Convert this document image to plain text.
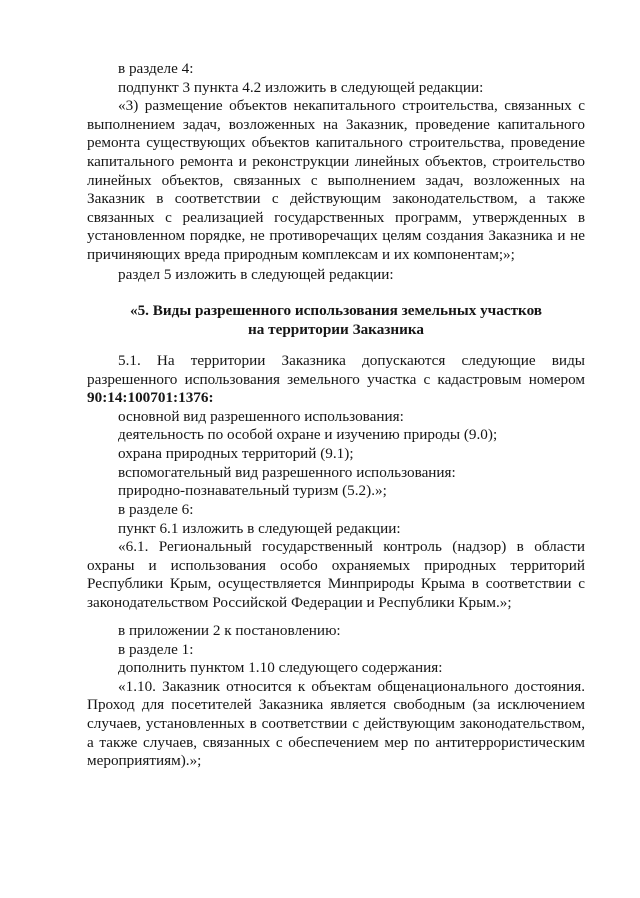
в разделе 4:

подпункт 3 пункта 4.2 изложить в следующей редакции:

«3) размещение объектов некапитального строительства, связанных с выполнением задач, возложенных на Заказник, проведение капитального ремонта существующих объектов капитального строительства, проведение капитального ремонта и реконструкции линейных объектов, строительство линейных объектов, связанных с выполнением задач, возложенных на Заказник в соответствии с действующим законодательством, а также связанных с реализацией государственных программ, утвержденных в установленном порядке, не противоречащих целям создания Заказника и не причиняющих вреда природным комплексам и их компонентам;»;

раздел 5 изложить в следующей редакции:

«5. Виды разрешенного использования земельных участков

на территории Заказника

5.1. На территории Заказника допускаются следующие виды разрешенного использования земельного участка с кадастровым номером 90:14:100701:1376:

основной вид разрешенного использования:

деятельность по особой охране и изучению природы (9.0);

охрана природных территорий (9.1);

вспомогательный вид разрешенного использования:

природно-познавательный туризм (5.2).»;

в разделе 6:

пункт 6.1 изложить в следующей редакции:

«6.1. Региональный государственный контроль (надзор) в области охраны и использования особо охраняемых природных территорий Республики Крым, осуществляется Минприроды Крыма в соответствии с законодательством Российской Федерации и Республики Крым.»;

в приложении 2 к постановлению:

в разделе 1:

дополнить пунктом 1.10 следующего содержания:

«1.10. Заказник относится к объектам общенационального достояния. Проход для посетителей Заказника является свободным (за исключением случаев, установленных в соответствии с действующим законодательством, а также случаев, связанных с обеспечением мер по антитеррористическим мероприятиям).»;
